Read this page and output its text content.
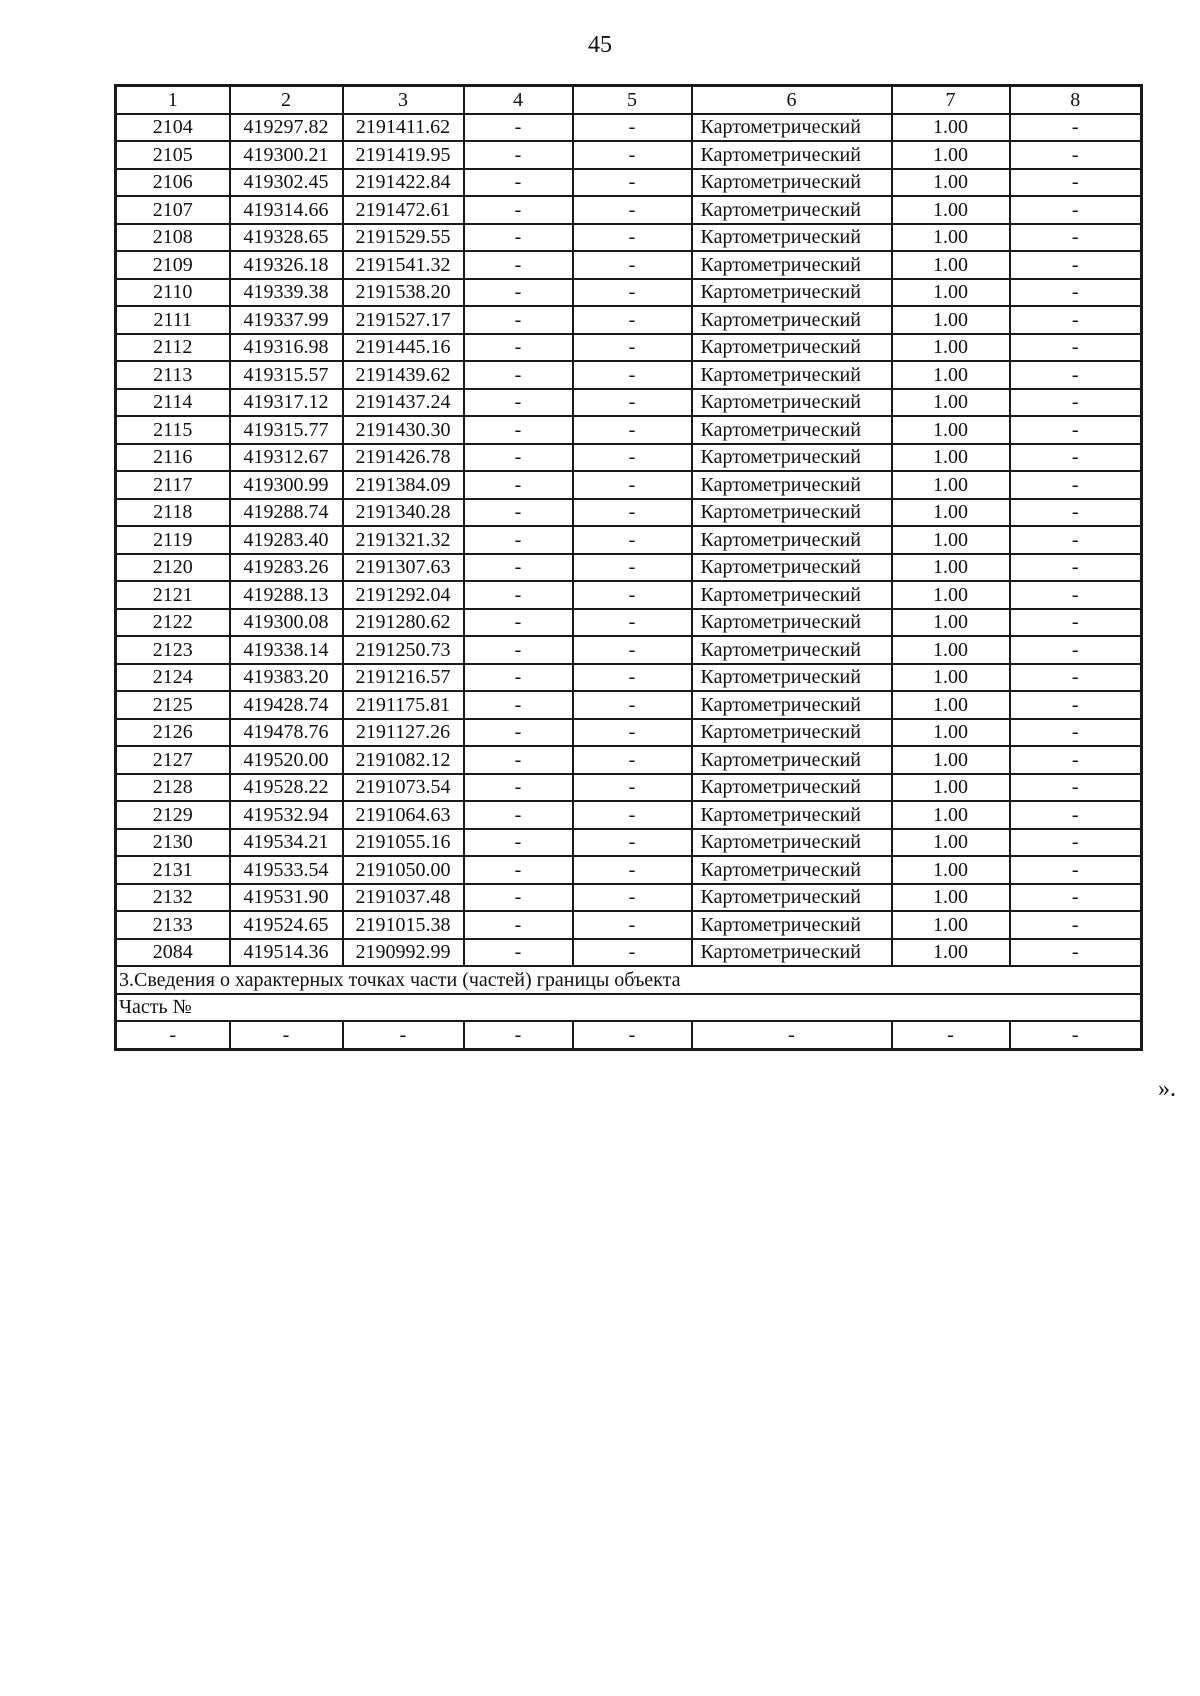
45
1	2	3	4	5	6	7	8
2104	419297.82	2191411.62	-	-	Картометрический	1.00	-
2105	419300.21	2191419.95	-	-	Картометрический	1.00	-
2106	419302.45	2191422.84	-	-	Картометрический	1.00	-
2107	419314.66	2191472.61	-	-	Картометрический	1.00	-
2108	419328.65	2191529.55	-	-	Картометрический	1.00	-
2109	419326.18	2191541.32	-	-	Картометрический	1.00	-
2110	419339.38	2191538.20	-	-	Картометрический	1.00	-
2111	419337.99	2191527.17	-	-	Картометрический	1.00	-
2112	419316.98	2191445.16	-	-	Картометрический	1.00	-
2113	419315.57	2191439.62	-	-	Картометрический	1.00	-
2114	419317.12	2191437.24	-	-	Картометрический	1.00	-
2115	419315.77	2191430.30	-	-	Картометрический	1.00	-
2116	419312.67	2191426.78	-	-	Картометрический	1.00	-
2117	419300.99	2191384.09	-	-	Картометрический	1.00	-
2118	419288.74	2191340.28	-	-	Картометрический	1.00	-
2119	419283.40	2191321.32	-	-	Картометрический	1.00	-
2120	419283.26	2191307.63	-	-	Картометрический	1.00	-
2121	419288.13	2191292.04	-	-	Картометрический	1.00	-
2122	419300.08	2191280.62	-	-	Картометрический	1.00	-
2123	419338.14	2191250.73	-	-	Картометрический	1.00	-
2124	419383.20	2191216.57	-	-	Картометрический	1.00	-
2125	419428.74	2191175.81	-	-	Картометрический	1.00	-
2126	419478.76	2191127.26	-	-	Картометрический	1.00	-
2127	419520.00	2191082.12	-	-	Картометрический	1.00	-
2128	419528.22	2191073.54	-	-	Картометрический	1.00	-
2129	419532.94	2191064.63	-	-	Картометрический	1.00	-
2130	419534.21	2191055.16	-	-	Картометрический	1.00	-
2131	419533.54	2191050.00	-	-	Картометрический	1.00	-
2132	419531.90	2191037.48	-	-	Картометрический	1.00	-
2133	419524.65	2191015.38	-	-	Картометрический	1.00	-
2084	419514.36	2190992.99	-	-	Картометрический	1.00	-
3.Сведения о характерных точках части (частей) границы объекта							
Часть №							
-	-	-	-	-	-	-	-
».
